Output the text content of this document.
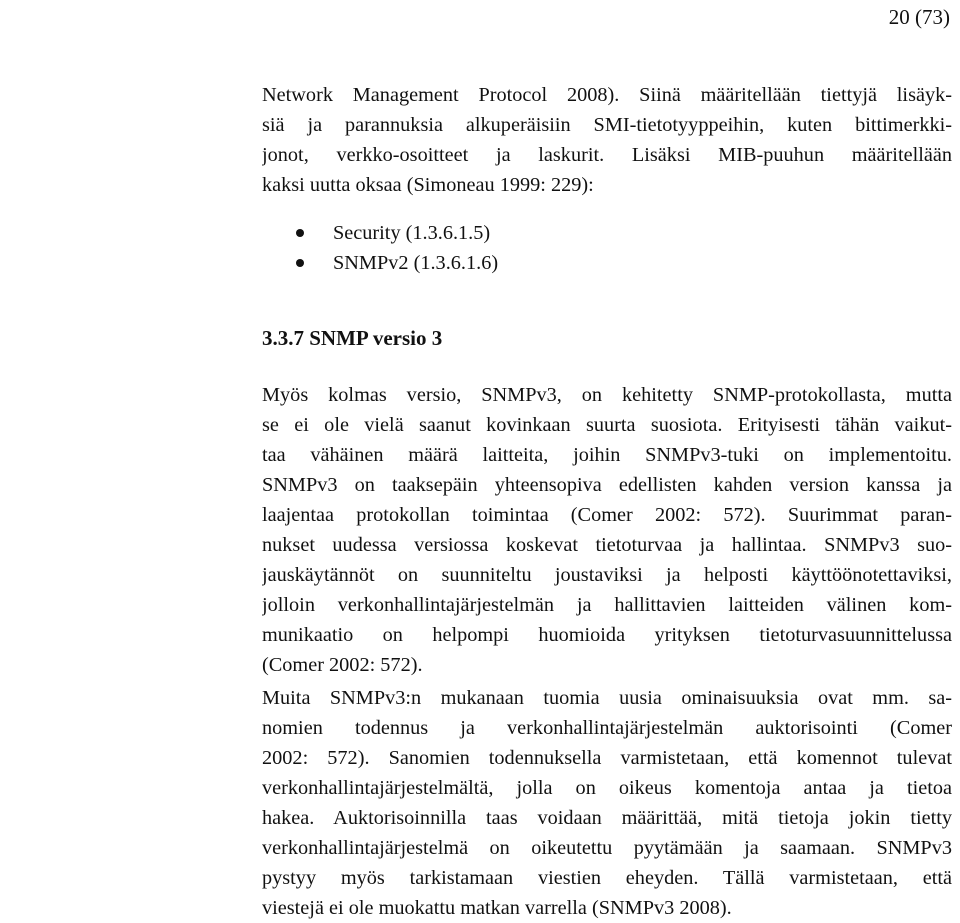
20 (73)
Network Management Protocol 2008). Siinä määritellään tiettyjä lisäyk-
siä ja parannuksia alkuperäisiin SMI-tietotyyppeihin, kuten bittimerkki-
jonot, verkko-osoitteet ja laskurit. Lisäksi MIB-puuhun määritellään
kaksi uutta oksaa (Simoneau 1999: 229):
Security (1.3.6.1.5)
SNMPv2 (1.3.6.1.6)
3.3.7 SNMP versio 3
Myös kolmas versio, SNMPv3, on kehitetty SNMP-protokollasta, mutta
se ei ole vielä saanut kovinkaan suurta suosiota. Erityisesti tähän vaikut-
taa vähäinen määrä laitteita, joihin SNMPv3-tuki on implementoitu.
SNMPv3 on taaksepäin yhteensopiva edellisten kahden version kanssa ja
laajentaa protokollan toimintaa (Comer 2002: 572). Suurimmat paran-
nukset uudessa versiossa koskevat tietoturvaa ja hallintaa. SNMPv3 suo-
jauskäytännöt on suunniteltu joustaviksi ja helposti käyttöönotettaviksi,
jolloin verkonhallintajärjestelmän ja hallittavien laitteiden välinen kom-
munikaatio on helpompi huomioida yrityksen tietoturvasuunnittelussa
(Comer 2002: 572).
Muita SNMPv3:n mukanaan tuomia uusia ominaisuuksia ovat mm. sa-
nomien todennus ja verkonhallintajärjestelmän auktorisointi (Comer
2002: 572). Sanomien todennuksella varmistetaan, että komennot tulevat
verkonhallintajärjestelmältä, jolla on oikeus komentoja antaa ja tietoa
hakea. Auktorisoinnilla taas voidaan määrittää, mitä tietoja jokin tietty
verkonhallintajärjestelmä on oikeutettu pyytämään ja saamaan. SNMPv3
pystyy myös tarkistamaan viestien eheyden. Tällä varmistetaan, että
viestejä ei ole muokattu matkan varrella (SNMPv3 2008).
